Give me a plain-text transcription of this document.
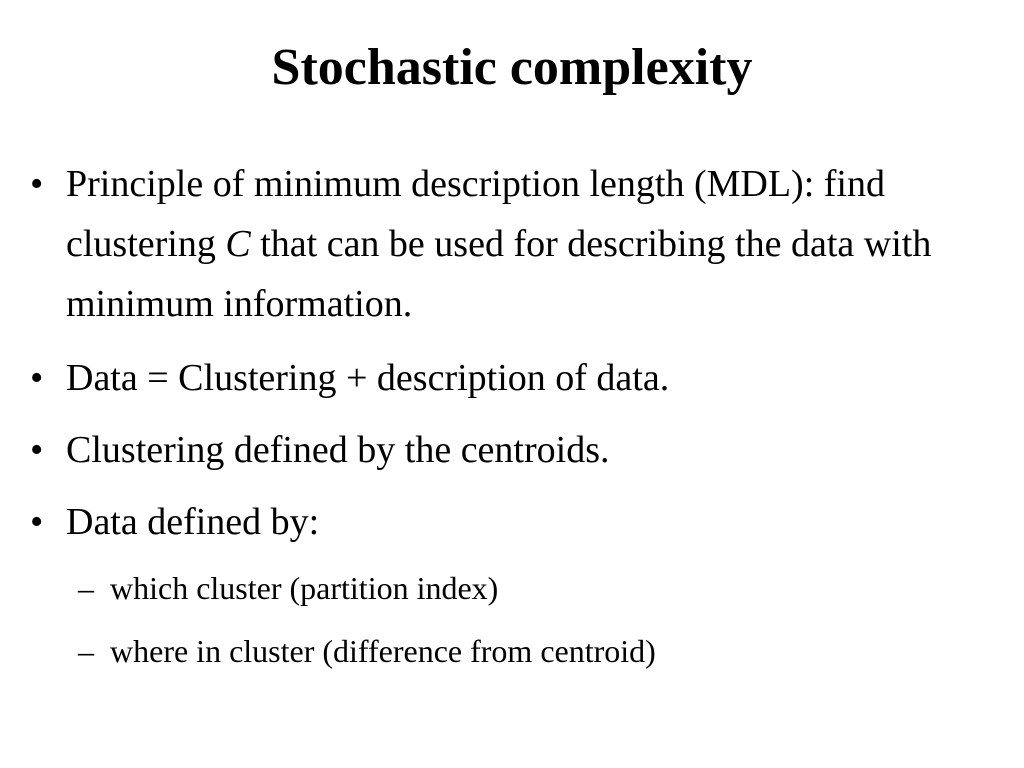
Stochastic complexity
• Principle of minimum description length (MDL): find clustering C that can be used for describing the data with minimum information.
• Data = Clustering + description of data.
• Clustering defined by the centroids.
• Data defined by:
– which cluster (partition index)
– where in cluster (difference from centroid)
